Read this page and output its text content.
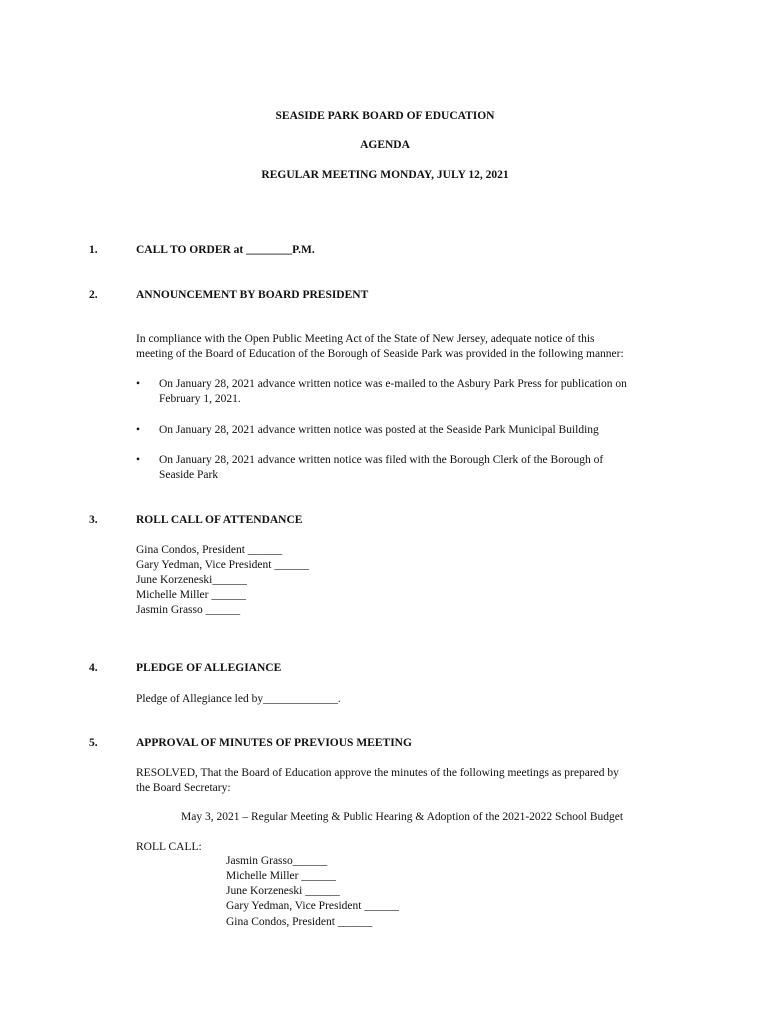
SEASIDE PARK BOARD OF EDUCATION
AGENDA
REGULAR MEETING MONDAY, JULY 12, 2021
1.	CALL TO ORDER at ________P.M.
2.	ANNOUNCEMENT BY BOARD PRESIDENT
In compliance with the Open Public Meeting Act of the State of New Jersey, adequate notice of this
meeting of the Board of Education of the Borough of Seaside Park was provided in the following manner:
• On January 28, 2021 advance written notice was e-mailed to the Asbury Park Press for publication on
February 1, 2021.
• On January 28, 2021 advance written notice was posted at the Seaside Park Municipal Building
• On January 28, 2021 advance written notice was filed with the Borough Clerk of the Borough of
Seaside Park
3.	ROLL CALL OF ATTENDANCE
Gina Condos, President ______
Gary Yedman, Vice President ______
June Korzeneski______
Michelle Miller ______
Jasmin Grasso ______
4.	PLEDGE OF ALLEGIANCE
Pledge of Allegiance led by_____________.
5.	APPROVAL OF MINUTES OF PREVIOUS MEETING
RESOLVED, That the Board of Education approve the minutes of the following meetings as prepared by
the Board Secretary:
May 3, 2021 – Regular Meeting & Public Hearing & Adoption of the 2021-2022 School Budget
ROLL CALL:
Jasmin Grasso______
Michelle Miller ______
June Korzeneski ______
Gary Yedman, Vice President ______
Gina Condos, President ______
